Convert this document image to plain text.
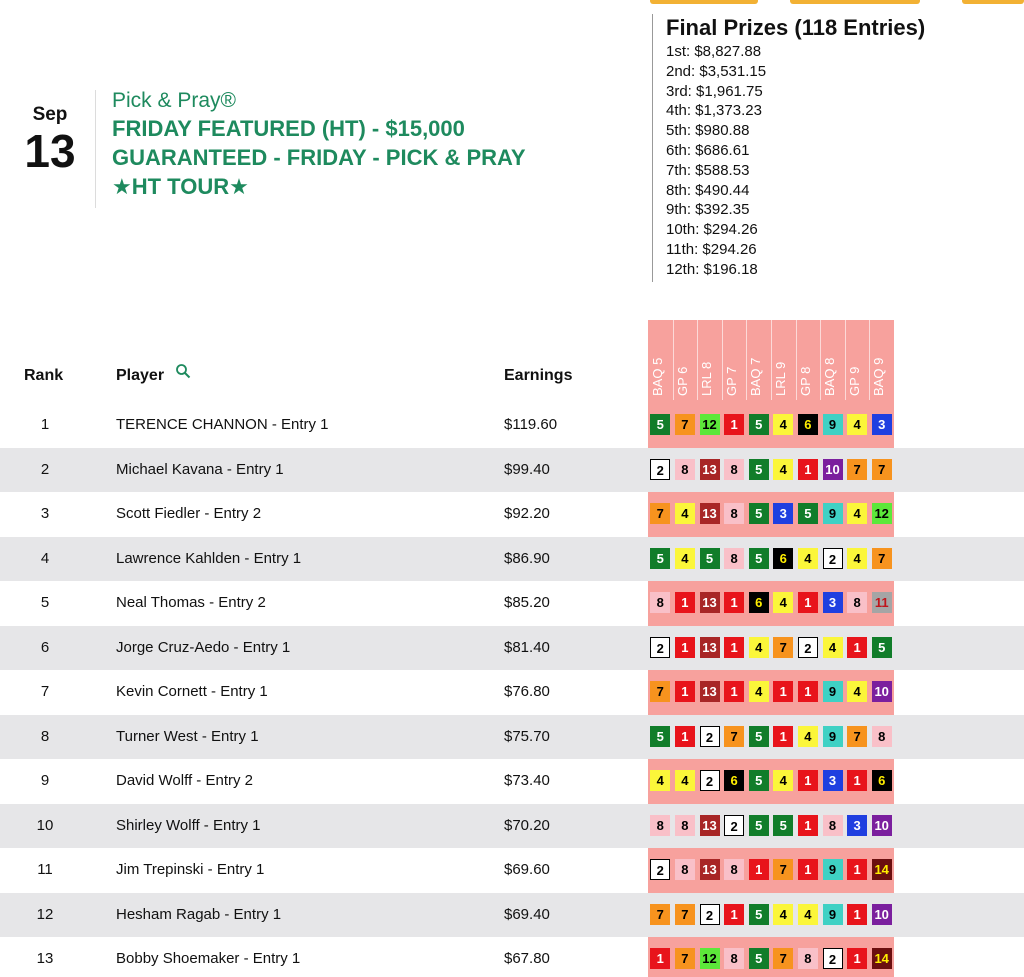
Sep
13
Pick & Pray®
FRIDAY FEATURED (HT) - $15,000
GUARANTEED - FRIDAY - PICK & PRAY
★HT TOUR★
Final Prizes (118 Entries)
1st: $8,827.88
2nd: $3,531.15
3rd: $1,961.75
4th: $1,373.23
5th: $980.88
6th: $686.61
7th: $588.53
8th: $490.44
9th: $392.35
10th: $294.26
11th: $294.26
12th: $196.18
Rank	Player	Earnings	BAQ 5 GP 6 LRL 8 GP 7 BAQ 7 LRL 9 GP 8 BAQ 8 GP 9 BAQ 9
1	TERENCE CHANNON - Entry 1	$119.60	5	7	12	1	5	4	6	9	4	3
2	Michael Kavana - Entry 1	$99.40	2	8	13	8	5	4	1	10	7	7
3	Scott Fiedler - Entry 2	$92.20	7	4	13	8	5	3	5	9	4	12
4	Lawrence Kahlden - Entry 1	$86.90	5	4	5	8	5	6	4	2	4	7
5	Neal Thomas - Entry 2	$85.20	8	1	13	1	6	4	1	3	8	11
6	Jorge Cruz-Aedo - Entry 1	$81.40	2	1	13	1	4	7	2	4	1	5
7	Kevin Cornett - Entry 1	$76.80	7	1	13	1	4	1	1	9	4	10
8	Turner West - Entry 1	$75.70	5	1	2	7	5	1	4	9	7	8
9	David Wolff - Entry 2	$73.40	4	4	2	6	5	4	1	3	1	6
10	Shirley Wolff - Entry 1	$70.20	8	8	13	2	5	5	1	8	3	10
11	Jim Trepinski - Entry 1	$69.60	2	8	13	8	1	7	1	9	1	14
12	Hesham Ragab - Entry 1	$69.40	7	7	2	1	5	4	4	9	1	10
13	Bobby Shoemaker - Entry 1	$67.80	1	7	12	8	5	7	8	2	1	14
